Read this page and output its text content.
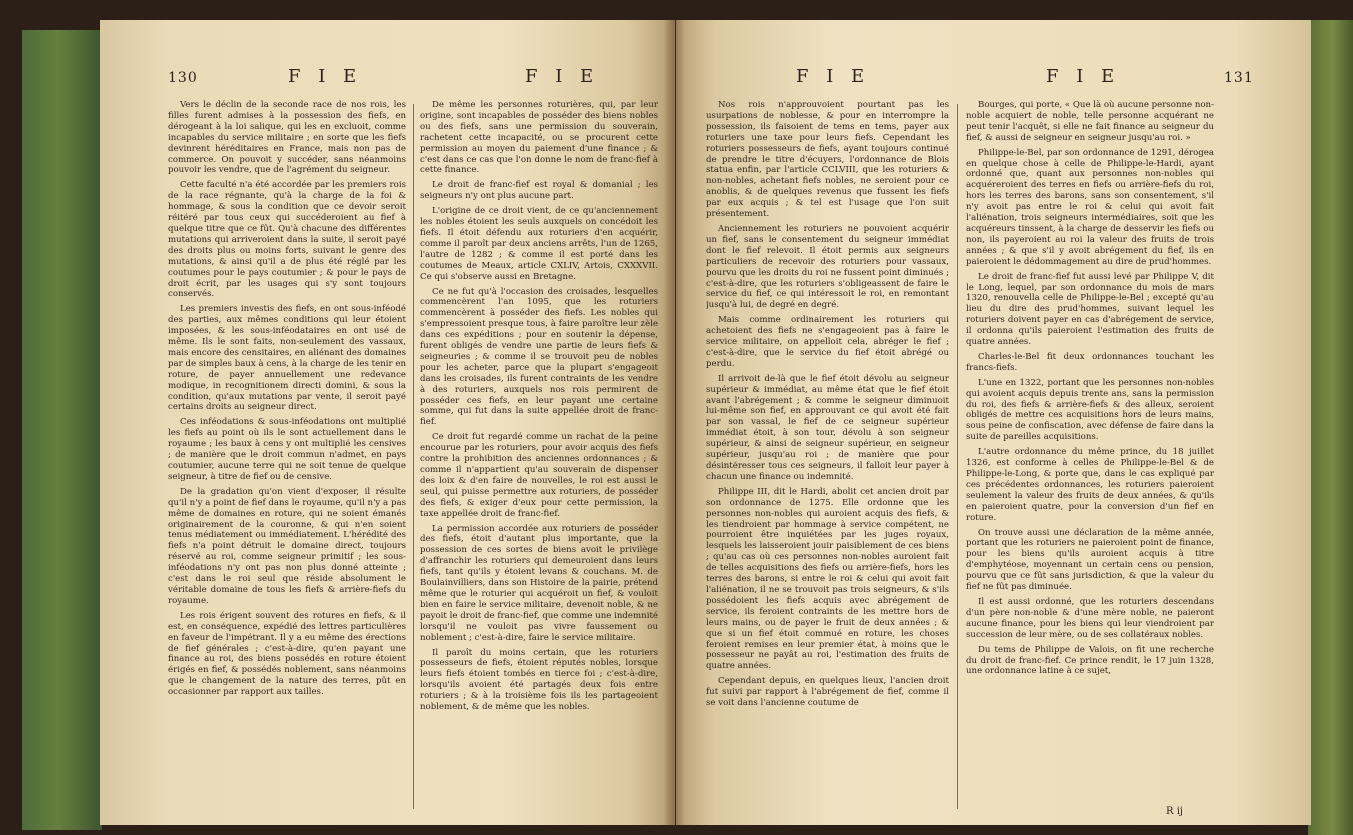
130	F I E	F I E

Vers le déclin de la seconde race de nos rois, les filles furent admises à la possession des fiefs, en dérogeant à la loi salique, qui les en excluoit, comme incapables du service militaire ; en sorte que les fiefs devinrent héréditaires en France, mais non pas de commerce. On pouvoit y succéder, sans néanmoins pouvoir les vendre, que de l'agrément du seigneur.

Cette faculté n'a été accordée par les premiers rois de la race régnante, qu'à la charge de la foi & hommage, & sous la condition que ce devoir seroit réitéré par tous ceux qui succéderoient au fief à quelque titre que ce fût. Qu'à chacune des différentes mutations qui arriveroient dans la suite, il seroit payé des droits plus ou moins forts, suivant le genre des mutations, & ainsi qu'il a de plus été réglé par les coutumes pour le pays coutumier ; & pour le pays de droit écrit, par les usages qui s'y sont toujours conservés.

Les premiers investis des fiefs, en ont sous-inféodé des parties, aux mêmes conditions qui leur étoient imposées, & les sous-inféodataires en ont usé de même. Ils le sont faits, non-seulement des vassaux, mais encore des censitaires, en aliénant des domaines par de simples baux à cens, à la charge de les tenir en roture, de payer annuellement une redevance modique, in recognitionem directi domini, & sous la condition, qu'aux mutations par vente, il seroit payé certains droits au seigneur direct.

Ces inféodations & sous-inféodations ont multiplié les fiefs au point où ils le sont actuellement dans le royaume ; les baux à cens y ont multiplié les censives ; de manière que le droit commun n'admet, en pays coutumier, aucune terre qui ne soit tenue de quelque seigneur, à titre de fief ou de censive.

De la gradation qu'on vient d'exposer, il résulte qu'il n'y a point de fief dans le royaume, qu'il n'y a pas même de domaines en roture, qui ne soient émanés originairement de la couronne, & qui n'en soient tenus médiatement ou immédiatement. L'hérédité des fiefs n'a point détruit le domaine direct, toujours réservé au roi, comme seigneur primitif ; les sous-inféodations n'y ont pas non plus donné atteinte ; c'est dans le roi seul que réside absolument le véritable domaine de tous les fiefs & arrière-fiefs du royaume.

Les rois érigent souvent des rotures en fiefs, & il est, en conséquence, expédié des lettres particulières en faveur de l'impétrant. Il y a eu même des érections de fief générales ; c'est-à-dire, qu'en payant une finance au roi, des biens possédés en roture étoient érigés en fief, & possédés noblement, sans néanmoins que le changement de la nature des terres, pût en occasionner par rapport aux tailles.

De même les personnes roturières, qui, par leur origine, sont incapables de posséder des biens nobles ou des fiefs, sans une permission du souverain, rachetent cette incapacité, ou se procurent cette permission au moyen du paiement d'une finance ; & c'est dans ce cas que l'on donne le nom de franc-fief à cette finance.

Le droit de franc-fief est royal & domanial ; les seigneurs n'y ont plus aucune part.

L'origine de ce droit vient, de ce qu'anciennement les nobles étoient les seuls auxquels on concédoit les fiefs. Il étoit défendu aux roturiers d'en acquérir, comme il paroît par deux anciens arrêts, l'un de 1265, l'autre de 1282 ; & comme il est porté dans les coutumes de Meaux, article CXLIV, Artois, CXXXVII. Ce qui s'observe aussi en Bretagne.

Ce ne fut qu'à l'occasion des croisades, lesquelles commencèrent l'an 1095, que les roturiers commencèrent à posséder des fiefs. Les nobles qui s'empressoient presque tous, à faire paroître leur zèle dans ces expéditions ; pour en soutenir la dépense, furent obligés de vendre une partie de leurs fiefs & seigneuries ; & comme il se trouvoit peu de nobles pour les acheter, parce que la plupart s'engageoit dans les croisades, ils furent contraints de les vendre à des roturiers, auxquels nos rois permirent de posséder ces fiefs, en leur payant une certaine somme, qui fut dans la suite appellée droit de franc-fief.

Ce droit fut regardé comme un rachat de la peine encourue par les roturiers, pour avoir acquis des fiefs contre la prohibition des anciennes ordonnances ; & comme il n'appartient qu'au souverain de dispenser des loix & d'en faire de nouvelles, le roi est aussi le seul, qui puisse permettre aux roturiers, de posséder des fiefs, & exiger d'eux pour cette permission, la taxe appellée droit de franc-fief.

La permission accordée aux roturiers de posséder des fiefs, étoit d'autant plus importante, que la possession de ces sortes de biens avoit le privilège d'affranchir les roturiers qui demeuroient dans leurs fiefs, tant qu'ils y étoient levans & couchans. M. de Boulainvilliers, dans son Histoire de la pairie, prétend même que le roturier qui acquéroit un fief, & vouloit bien en faire le service militaire, devenoit noble, & ne payoit le droit de franc-fief, que comme une indemnité lorsqu'il ne vouloit pas vivre faussement ou noblement ; c'est-à-dire, faire le service militaire.

Il paroît du moins certain, que les roturiers possesseurs de fiefs, étoient réputés nobles, lorsque leurs fiefs étoient tombés en tierce foi ; c'est-à-dire, lorsqu'ils avoient été partagés deux fois entre roturiers ; & à la troisième fois ils les partageoient noblement, & de même que les nobles.

F I E	F I E	131

Nos rois n'approuvoient pourtant pas les usurpations de noblesse, & pour en interrompre la possession, ils faisoient de tems en tems, payer aux roturiers une taxe pour leurs fiefs. Cependant les roturiers possesseurs de fiefs, ayant toujours continué de prendre le titre d'écuyers, l'ordonnance de Blois statua enfin, par l'article CCLVIII, que les roturiers & non-nobles, achetant fiefs nobles, ne seroient pour ce anoblis, & de quelques revenus que fussent les fiefs par eux acquis ; & tel est l'usage que l'on suit présentement.

Anciennement les roturiers ne pouvoient acquérir un fief, sans le consentement du seigneur immédiat dont le fief relevoit. Il étoit permis aux seigneurs particuliers de recevoir des roturiers pour vassaux, pourvu que les droits du roi ne fussent point diminués ; c'est-à-dire, que les roturiers s'obligeassent de faire le service du fief, ce qui intéressoit le roi, en remontant jusqu'à lui, de degré en degré.

Mais comme ordinairement les roturiers qui achetoient des fiefs ne s'engageoient pas à faire le service militaire, on appelloit cela, abréger le fief ; c'est-à-dire, que le service du fief étoit abrégé ou perdu.

Il arrivoit de-là que le fief étoit dévolu au seigneur supérieur & immédiat, au même état que le fief étoit avant l'abrégement ; & comme le seigneur diminuoit lui-même son fief, en approuvant ce qui avoit été fait par son vassal, le fief de ce seigneur supérieur immédiat étoit, à son tour, dévolu à son seigneur supérieur, & ainsi de seigneur supérieur, en seigneur supérieur, jusqu'au roi ; de manière que pour désintéresser tous ces seigneurs, il falloit leur payer à chacun une finance ou indemnité.

Philippe III, dit le Hardi, abolit cet ancien droit par son ordonnance de 1275. Elle ordonne que les personnes non-nobles qui auroient acquis des fiefs, & les tiendroient par hommage à service compétent, ne pourroient être inquiétées par les juges royaux, lesquels les laisseroient jouir paisiblement de ces biens ; qu'au cas où ces personnes non-nobles auroient fait de telles acquisitions des fiefs ou arrière-fiefs, hors les terres des barons, si entre le roi & celui qui avoit fait l'aliénation, il ne se trouvoit pas trois seigneurs, & s'ils possédoient les fiefs acquis avec abrégement de service, ils feroient contraints de les mettre hors de leurs mains, ou de payer le fruit de deux années ; & que si un fief étoit commué en roture, les choses feroient remises en leur premier état, à moins que le possesseur ne payât au roi, l'estimation des fruits de quatre années.

Cependant depuis, en quelques lieux, l'ancien droit fut suivi par rapport à l'abrégement de fief, comme il se voit dans l'ancienne coutume de

Bourges, qui porte, « Que là où aucune personne non-noble acquiert de noble, telle personne acquérant ne peut tenir l'acquêt, si elle ne fait finance au seigneur du fief, & aussi de seigneur en seigneur jusqu'au roi. »

Philippe-le-Bel, par son ordonnance de 1291, dérogea en quelque chose à celle de Philippe-le-Hardi, ayant ordonné que, quant aux personnes non-nobles qui acquéreroient des terres en fiefs ou arrière-fiefs du roi, hors les terres des barons, sans son consentement, s'il n'y avoit pas entre le roi & celui qui avoit fait l'aliénation, trois seigneurs intermédiaires, soit que les acquéreurs tinssent, à la charge de desservir les fiefs ou non, ils payeroient au roi la valeur des fruits de trois années ; & que s'il y avoit abrégement du fief, ils en paieroient le dédommagement au dire de prud'hommes.

Le droit de franc-fief fut aussi levé par Philippe V, dit le Long, lequel, par son ordonnance du mois de mars 1320, renouvella celle de Philippe-le-Bel ; excepté qu'au lieu du dire des prud'hommes, suivant lequel les roturiers doivent payer en cas d'abrégement de service, il ordonna qu'ils paieroient l'estimation des fruits de quatre années.

Charles-le-Bel fit deux ordonnances touchant les francs-fiefs.

L'une en 1322, portant que les personnes non-nobles qui avoient acquis depuis trente ans, sans la permission du roi, des fiefs & arrière-fiefs & des alleux, seroient obligés de mettre ces acquisitions hors de leurs mains, sous peine de confiscation, avec défense de faire dans la suite de pareilles acquisitions.

L'autre ordonnance du même prince, du 18 juillet 1326, est conforme à celles de Philippe-le-Bel & de Philippe-le-Long, & porte que, dans le cas expliqué par ces précédentes ordonnances, les roturiers paieroient seulement la valeur des fruits de deux années, & qu'ils en paieroient quatre, pour la conversion d'un fief en roture.

On trouve aussi une déclaration de la même année, portant que les roturiers ne paieroient point de finance, pour les biens qu'ils auroient acquis à titre d'emphytéose, moyennant un certain cens ou pension, pourvu que ce fût sans jurisdiction, & que la valeur du fief ne fût pas diminuée.

Il est aussi ordonné, que les roturiers descendans d'un père non-noble & d'une mère noble, ne paieront aucune finance, pour les biens qui leur viendroient par succession de leur mère, ou de ses collatéraux nobles.

Du tems de Philippe de Valois, on fit une recherche du droit de franc-fief. Ce prince rendit, le 17 juin 1328, une ordonnance latine à ce sujet,

R ij
